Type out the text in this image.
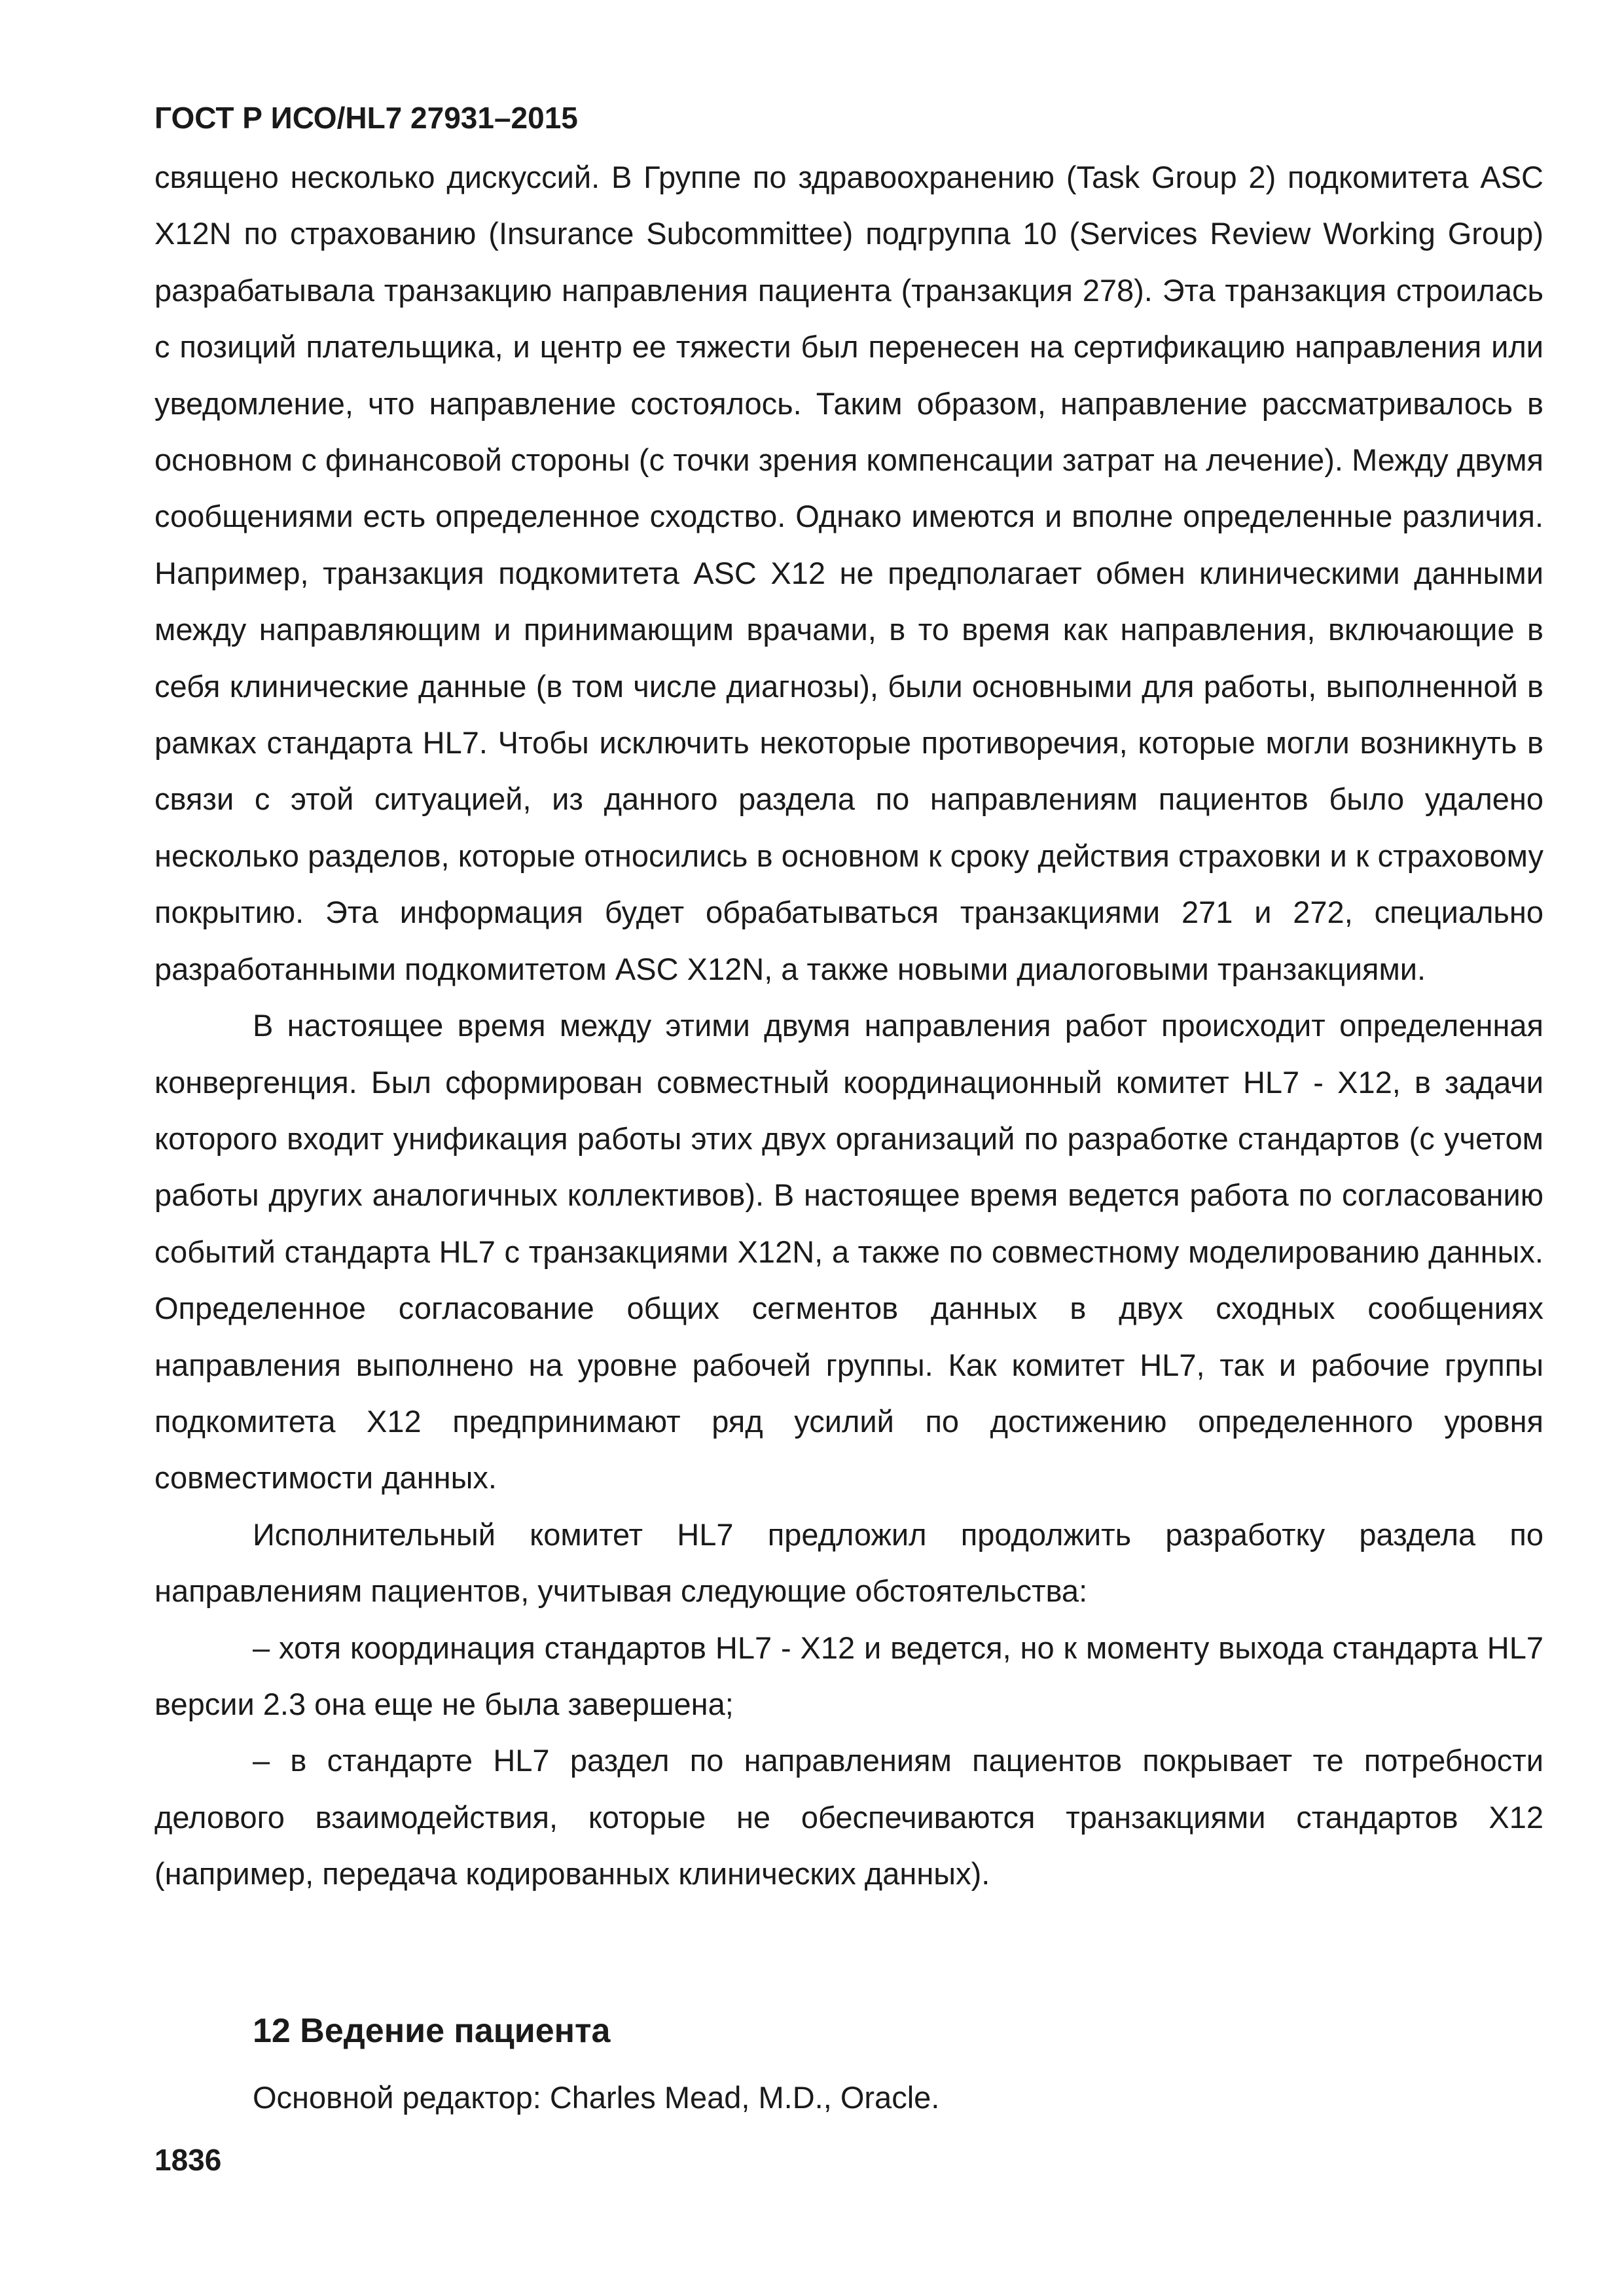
ГОСТ Р ИСО/HL7 27931–2015

священо несколько дискуссий. В Группе по здравоохранению (Task Group 2) подкомитета ASC X12N по страхованию (Insurance Subcommittee) подгруппа 10 (Services Review Working Group) разрабатывала транзакцию направления пациента (транзакция 278). Эта транзакция строилась с позиций плательщика, и центр ее тяжести был перенесен на сертификацию направления или уведомление, что направление состоялось. Таким образом, направление рассматривалось в основном с финансовой стороны (с точки зрения компенсации затрат на лечение). Между двумя сообщениями есть определенное сходство. Однако имеются и вполне определенные различия. Например, транзакция подкомитета ASC X12 не предполагает обмен клиническими данными между направляющим и принимающим врачами, в то время как направления, включающие в себя клинические данные (в том числе диагнозы), были основными для работы, выполненной в рамках стандарта HL7. Чтобы исключить некоторые противоречия, которые могли возникнуть в связи с этой ситуацией, из данного раздела по направлениям пациентов было удалено несколько разделов, которые относились в основном к сроку действия страховки и к страховому покрытию. Эта информация будет обрабатываться транзакциями 271 и 272, специально разработанными подкомитетом ASC X12N, а также новыми диалоговыми транзакциями.

В настоящее время между этими двумя направления работ происходит определенная конвергенция. Был сформирован совместный координационный комитет HL7 - X12, в задачи которого входит унификация работы этих двух организаций по разработке стандартов (с учетом работы других аналогичных коллективов). В настоящее время ведется работа по согласованию событий стандарта HL7 с транзакциями X12N, а также по совместному моделированию данных. Определенное согласование общих сегментов данных в двух сходных сообщениях направления выполнено на уровне рабочей группы. Как комитет HL7, так и рабочие группы подкомитета X12 предпринимают ряд усилий по достижению определенного уровня совместимости данных.

Исполнительный комитет HL7 предложил продолжить разработку раздела по направлениям пациентов, учитывая следующие обстоятельства:

– хотя координация стандартов HL7 - X12 и ведется, но к моменту выхода стандарта HL7 версии 2.3 она еще не была завершена;

– в стандарте HL7 раздел по направлениям пациентов покрывает те потребности делового взаимодействия, которые не обеспечиваются транзакциями стандартов X12 (например, передача кодированных клинических данных).

12 Ведение пациента
Основной редактор: Charles Mead, M.D., Oracle.
1836
